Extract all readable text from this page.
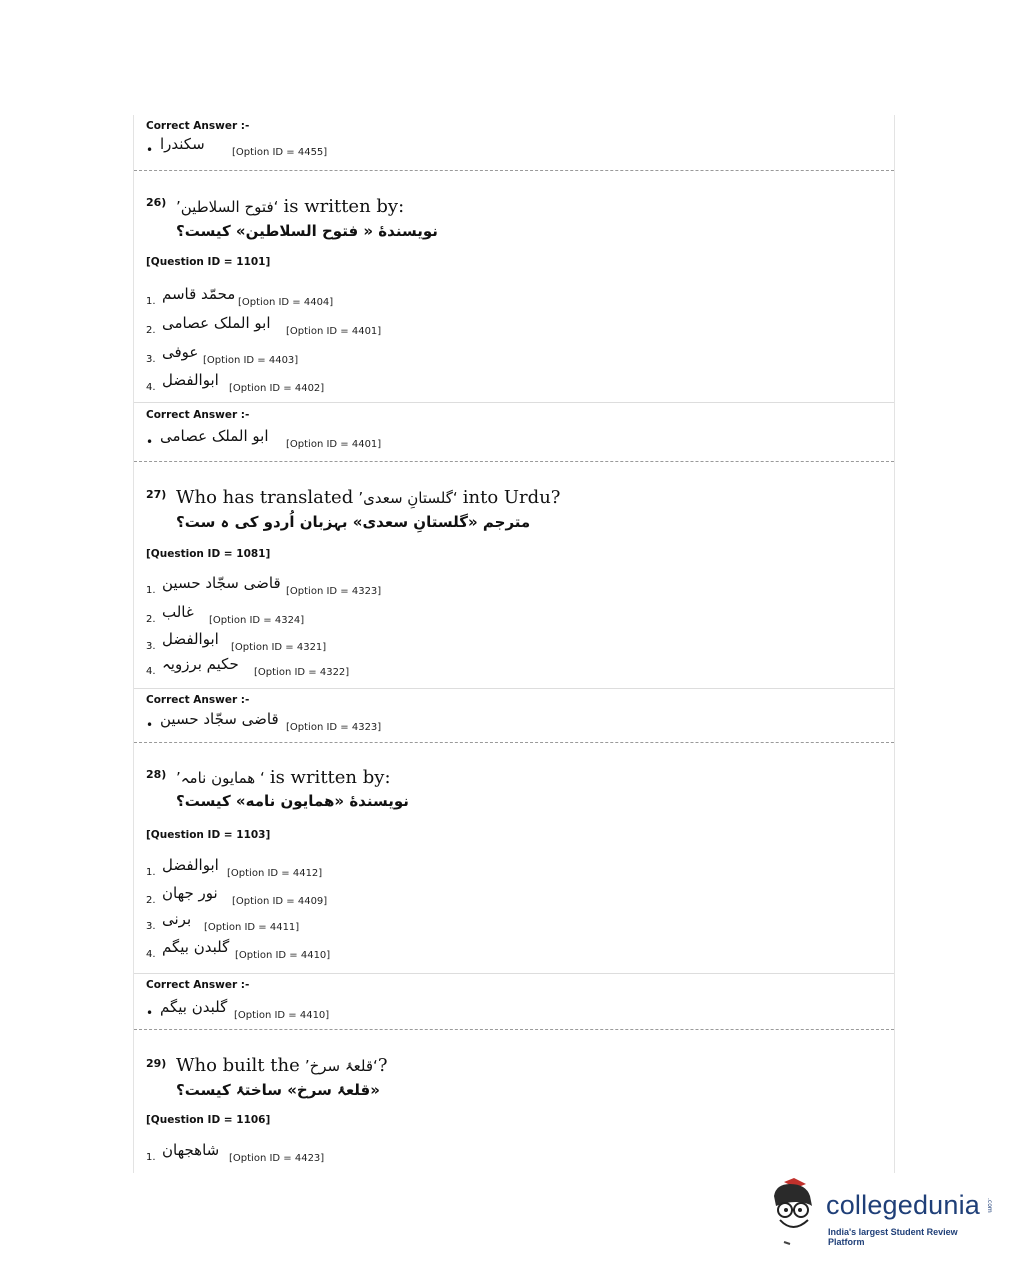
Correct Answer :-
• سکندرا	[Option ID = 4455]
26) ‘فتوح السلاطین’ is written by:
نویسندهٔ « فتوح السلاطین» کیست؟
[Question ID = 1101]
1. محمّد قاسم [Option ID = 4404]
2. ابو الملک عصامی [Option ID = 4401]
3. عوفی [Option ID = 4403]
4. ابوالفضل [Option ID = 4402]
Correct Answer :-
• ابو الملک عصامی [Option ID = 4401]
27) Who has translated ‘گلستانِ سعدی’ into Urdu?
مترجم «گلستانِ سعدی» بہزبان اُردو کی ہ ست؟
[Question ID = 1081]
1. قاضی سجّاد حسین [Option ID = 4323]
2. غالب [Option ID = 4324]
3. ابوالفضل [Option ID = 4321]
4. حکیم برزویہ [Option ID = 4322]
Correct Answer :-
• قاضی سجّاد حسین [Option ID = 4323]
28) ‘ ھمایون نامہ’ is written by:
نویسندهٔ «همایون نامه» کیست؟
[Question ID = 1103]
1. ابوالفضل [Option ID = 4412]
2. نور جهان [Option ID = 4409]
3. برنی [Option ID = 4411]
4. گلبدن بیگم [Option ID = 4410]
Correct Answer :-
• گلبدن بیگم [Option ID = 4410]
29) Who built the ‘قلعۂ سرخ’?
«قلعۂ سرخ» ساختۂ کیست؟
[Question ID = 1106]
1. شاهجهان [Option ID = 4423]
collegedunia .com
India's largest Student Review Platform
